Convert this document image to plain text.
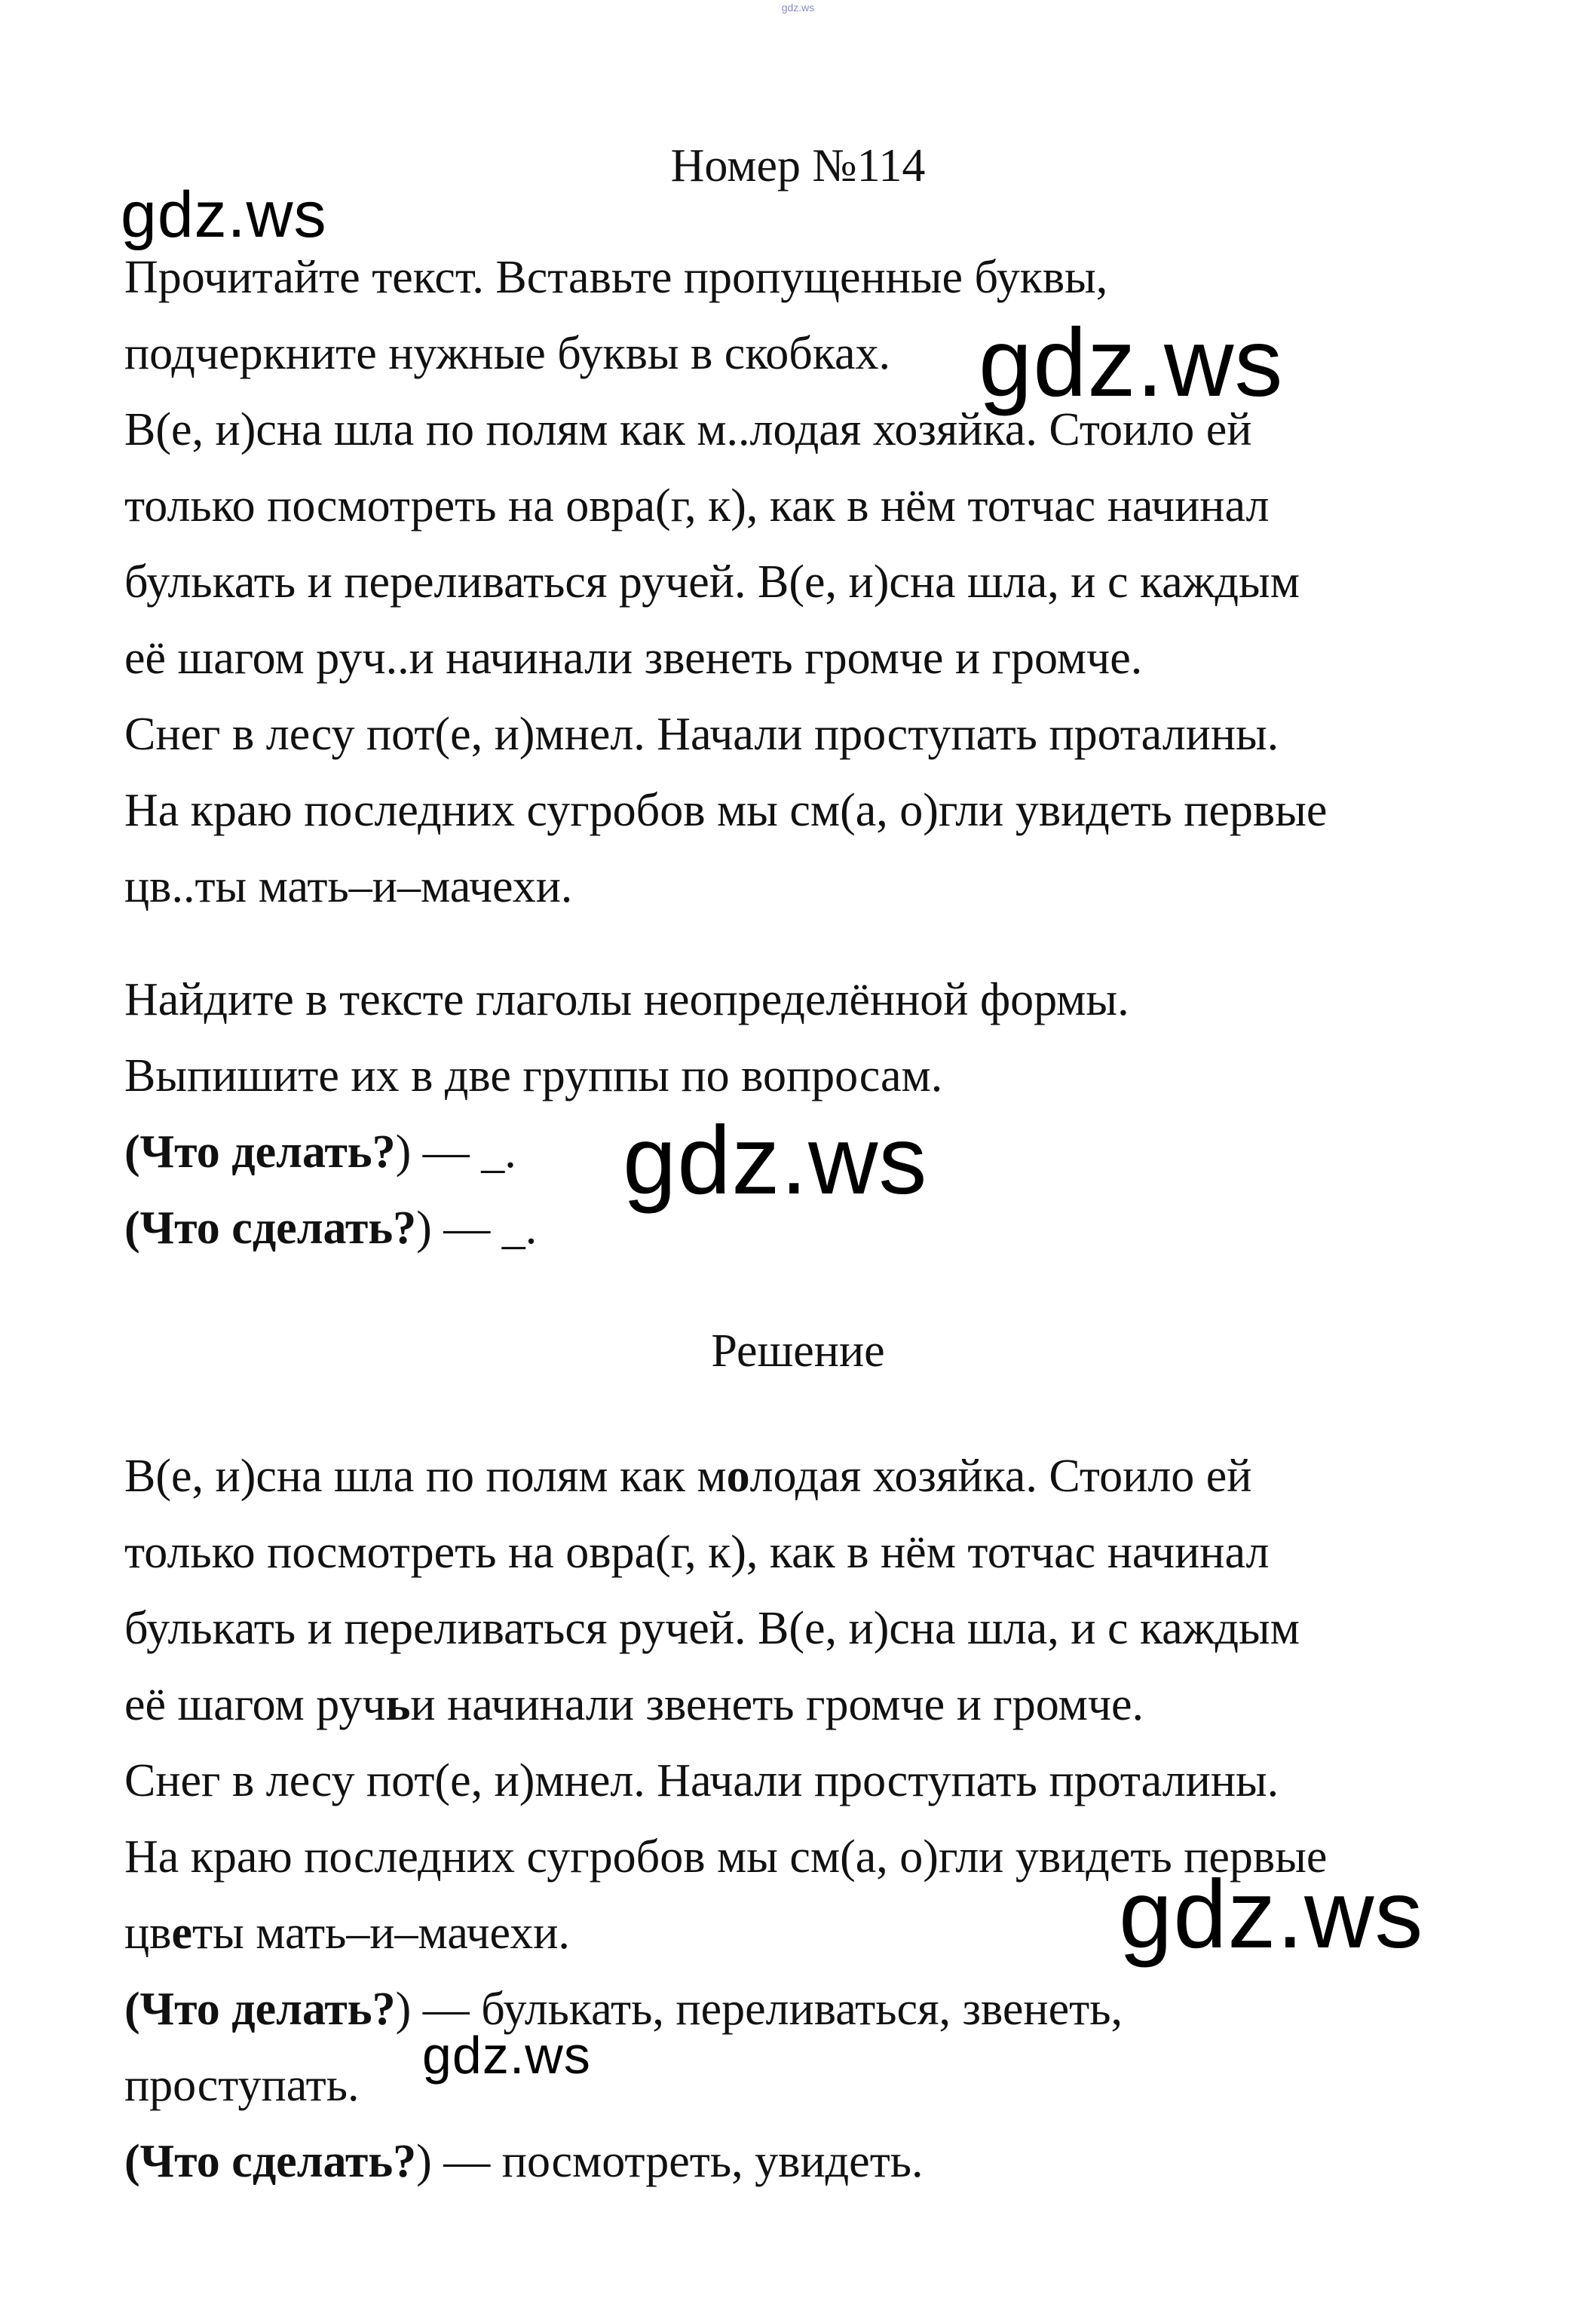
gdz.ws
Номер №114
Прочитайте текст. Вставьте пропущенные буквы,
подчеркните нужные буквы в скобках.
В(е, и)сна шла по полям как м..лодая хозяйка. Стоило ей
только посмотреть на овра(г, к), как в нём тотчас начинал
булькать и переливаться ручей. В(е, и)сна шла, и с каждым
её шагом руч..и начинали звенеть громче и громче.
Снег в лесу пот(е, и)мнел. Начали проступать проталины.
На краю последних сугробов мы см(а, о)гли увидеть первые
цв..ты мать–и–мачехи.
Найдите в тексте глаголы неопределённой формы.
Выпишите их в две группы по вопросам.
(Что делать?) — _.
(Что сделать?) — _.
Решение
В(е, и)сна шла по полям как молодая хозяйка. Стоило ей
только посмотреть на овра(г, к), как в нём тотчас начинал
булькать и переливаться ручей. В(е, и)сна шла, и с каждым
её шагом ручьи начинали звенеть громче и громче.
Снег в лесу пот(е, и)мнел. Начали проступать проталины.
На краю последних сугробов мы см(а, о)гли увидеть первые
цветы мать–и–мачехи.
(Что делать?) — булькать, переливаться, звенеть,
проступать.
(Что сделать?) — посмотреть, увидеть.
gdz.ws
gdz.ws
gdz.ws
gdz.ws
gdz.ws
